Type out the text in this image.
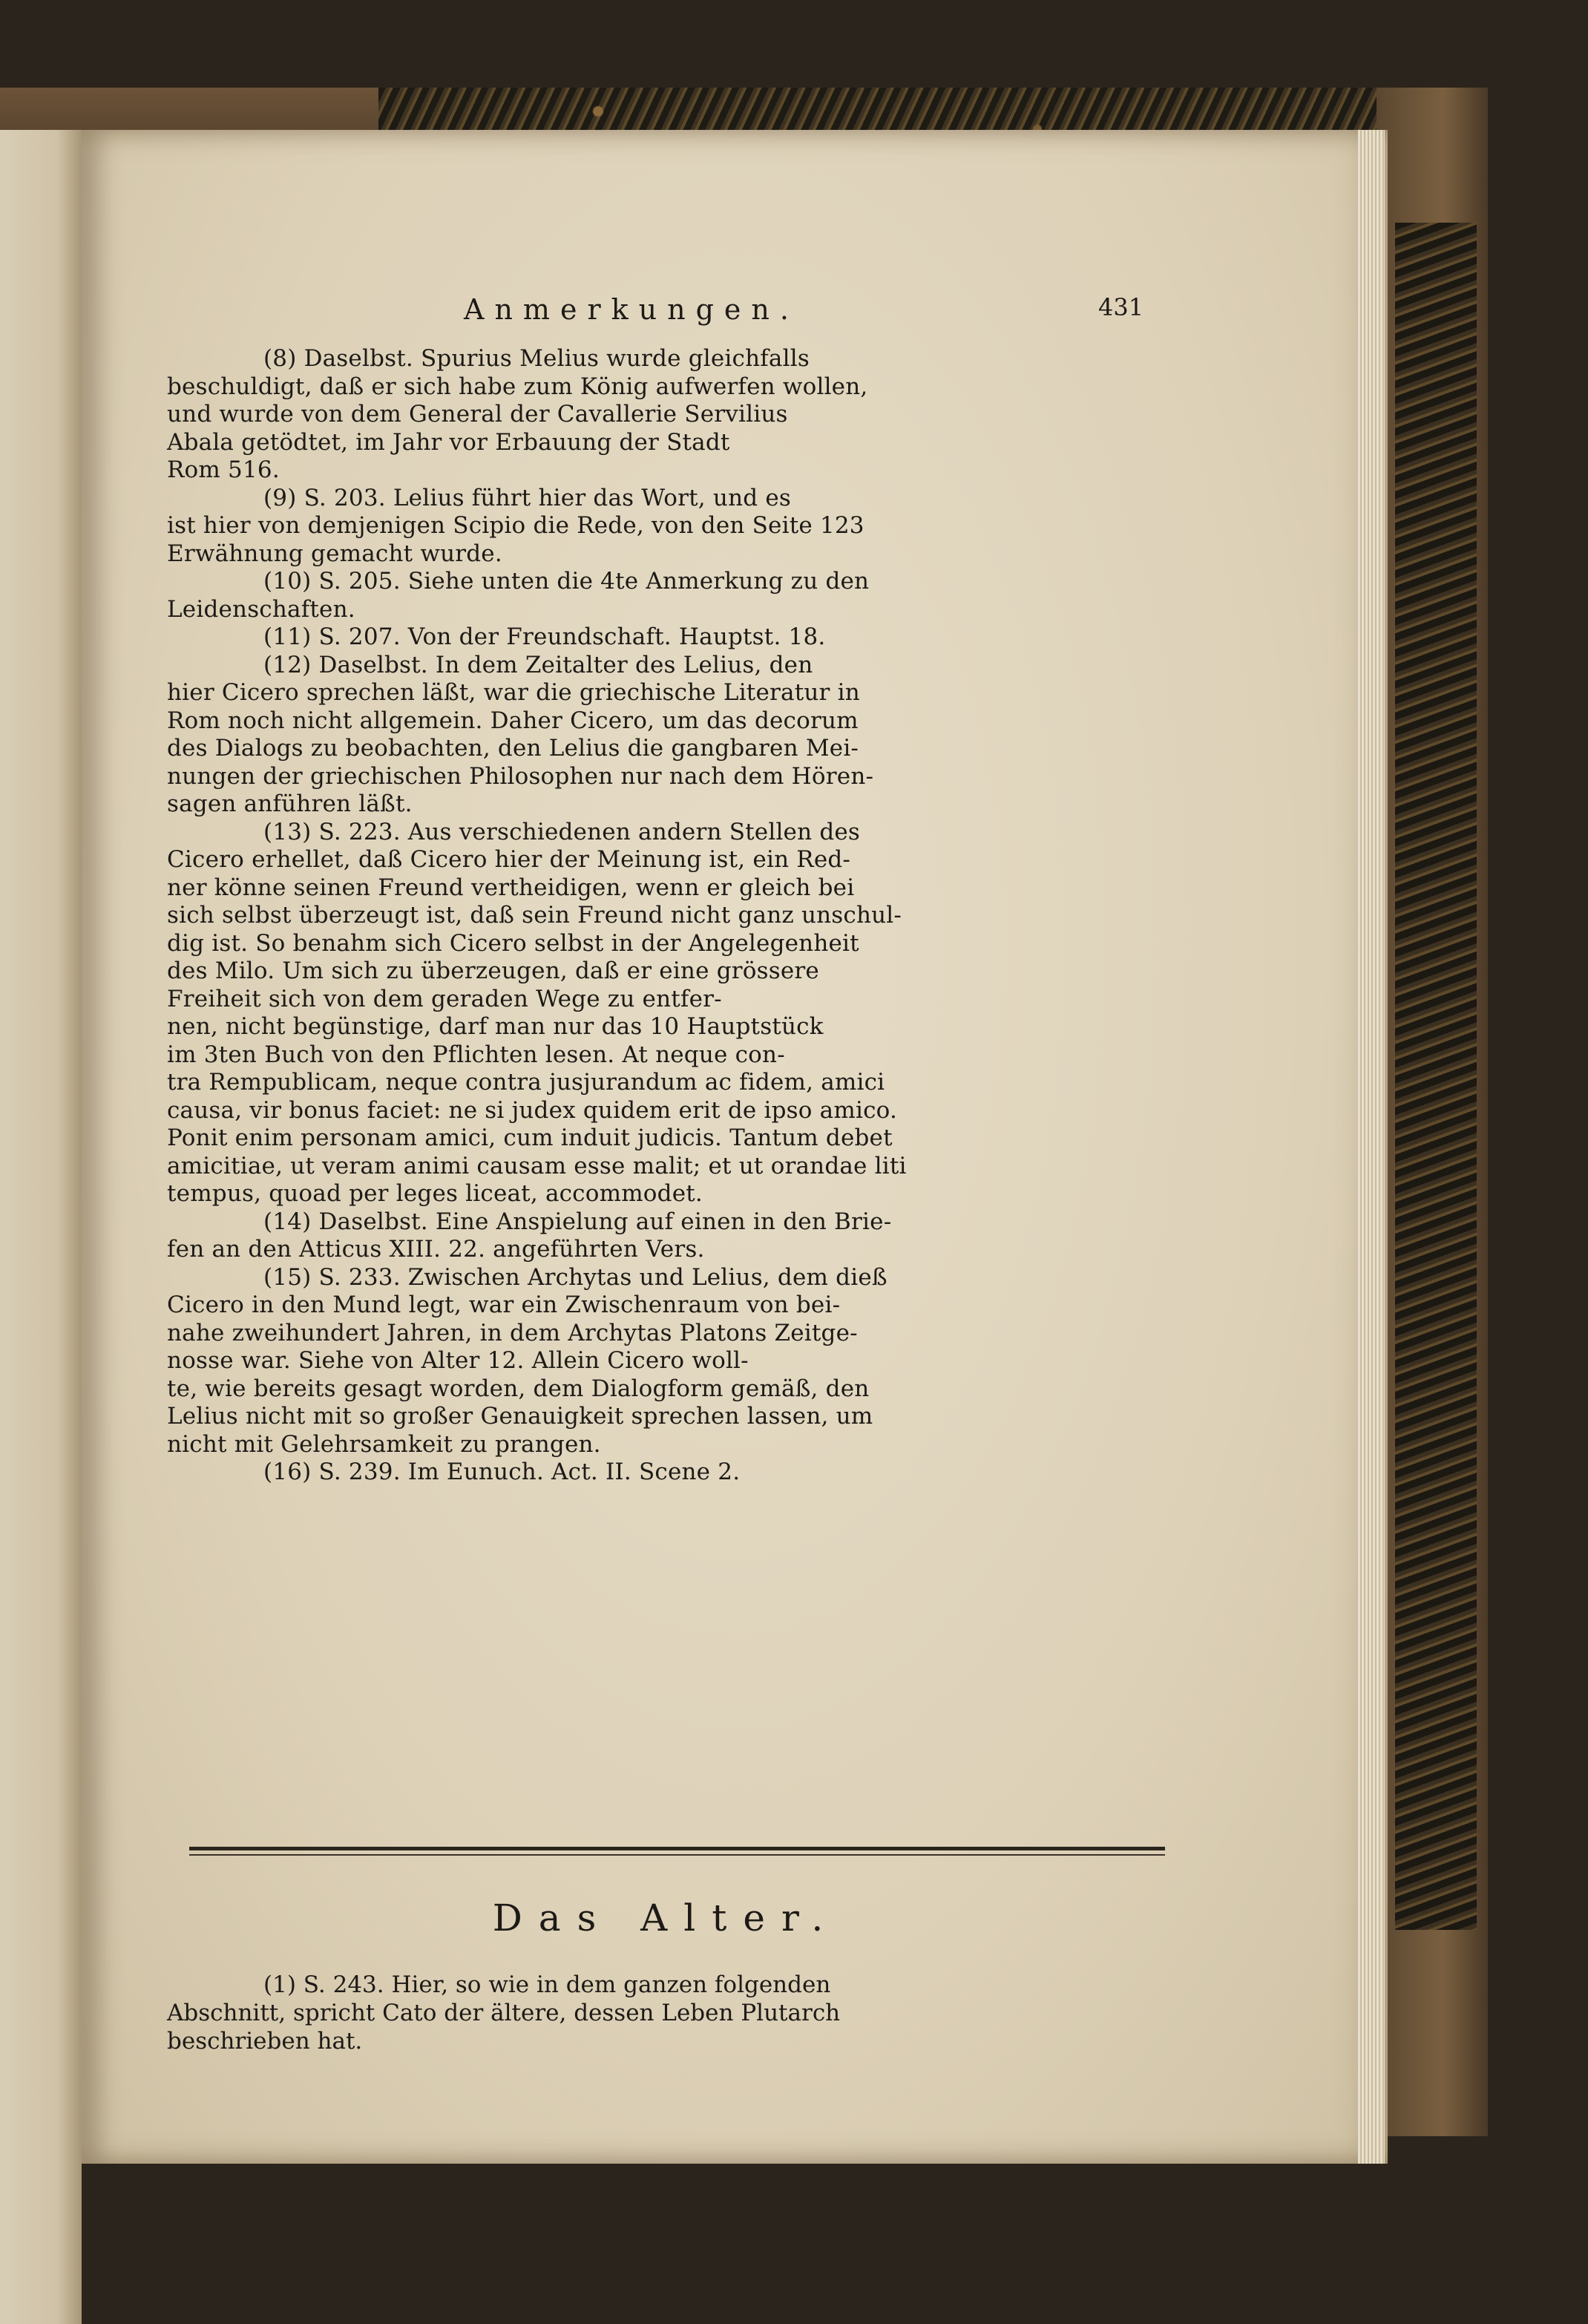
Anmerkungen.	431

(8) Daselbst. Spurius Melius wurde gleichfalls

beschuldigt, daß er sich habe zum König aufwerfen wollen,

und wurde von dem General der Cavallerie Servilius

Abala getödtet, im Jahr vor Erbauung der Stadt

Rom 516.

(9) S. 203. Lelius führt hier das Wort, und es

ist hier von demjenigen Scipio die Rede, von den Seite 123

Erwähnung gemacht wurde.

(10) S. 205. Siehe unten die 4te Anmerkung zu den

Leidenschaften.

(11) S. 207. Von der Freundschaft. Hauptst. 18.

(12) Daselbst. In dem Zeitalter des Lelius, den

hier Cicero sprechen läßt, war die griechische Literatur in

Rom noch nicht allgemein. Daher Cicero, um das decorum

des Dialogs zu beobachten, den Lelius die gangbaren Mei-

nungen der griechischen Philosophen nur nach dem Hören-

sagen anführen läßt.

(13) S. 223. Aus verschiedenen andern Stellen des

Cicero erhellet, daß Cicero hier der Meinung ist, ein Red-

ner könne seinen Freund vertheidigen, wenn er gleich bei

sich selbst überzeugt ist, daß sein Freund nicht ganz unschul-

dig ist. So benahm sich Cicero selbst in der Angelegenheit

des Milo. Um sich zu überzeugen, daß er eine grössere

Freiheit sich von dem geraden Wege zu entfer-

nen, nicht begünstige, darf man nur das 10 Hauptstück

im 3ten Buch von den Pflichten lesen. At neque con-

tra Rempublicam, neque contra jusjurandum ac fidem, amici

causa, vir bonus faciet: ne si judex quidem erit de ipso amico.

Ponit enim personam amici, cum induit judicis. Tantum debet

amicitiae, ut veram animi causam esse malit; et ut orandae liti

tempus, quoad per leges liceat, accommodet.

(14) Daselbst. Eine Anspielung auf einen in den Brie-

fen an den Atticus XIII. 22. angeführten Vers.

(15) S. 233. Zwischen Archytas und Lelius, dem dieß

Cicero in den Mund legt, war ein Zwischenraum von bei-

nahe zweihundert Jahren, in dem Archytas Platons Zeitge-

nosse war. Siehe von Alter 12. Allein Cicero woll-

te, wie bereits gesagt worden, dem Dialogform gemäß, den

Lelius nicht mit so großer Genauigkeit sprechen lassen, um

nicht mit Gelehrsamkeit zu prangen.

(16) S. 239. Im Eunuch. Act. II. Scene 2.

Das Alter.

(1) S. 243. Hier, so wie in dem ganzen folgenden

Abschnitt, spricht Cato der ältere, dessen Leben Plutarch

beschrieben hat.
